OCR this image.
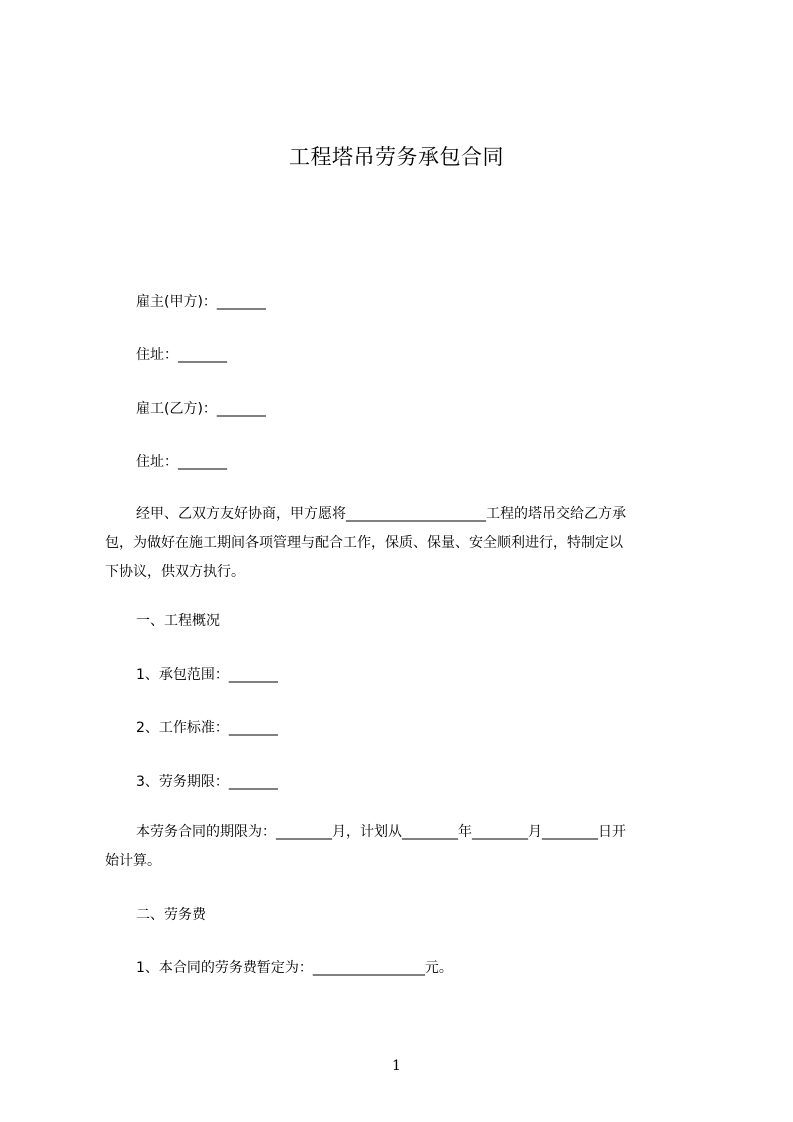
工程塔吊劳务承包合同
雇主(甲方)：_______
住址：_______
雇工(乙方)：_______
住址：_______
经甲、乙双方友好协商，甲方愿将____________________工程的塔吊交给乙方承
包，为做好在施工期间各项管理与配合工作，保质、保量、安全顺利进行，特制定以
下协议，供双方执行。
一、工程概况
1、承包范围：_______
2、工作标准：_______
3、劳务期限：_______
本劳务合同的期限为：________月，计划从________年________月________日开
始计算。
二、劳务费
1、本合同的劳务费暂定为：________________元。
1
